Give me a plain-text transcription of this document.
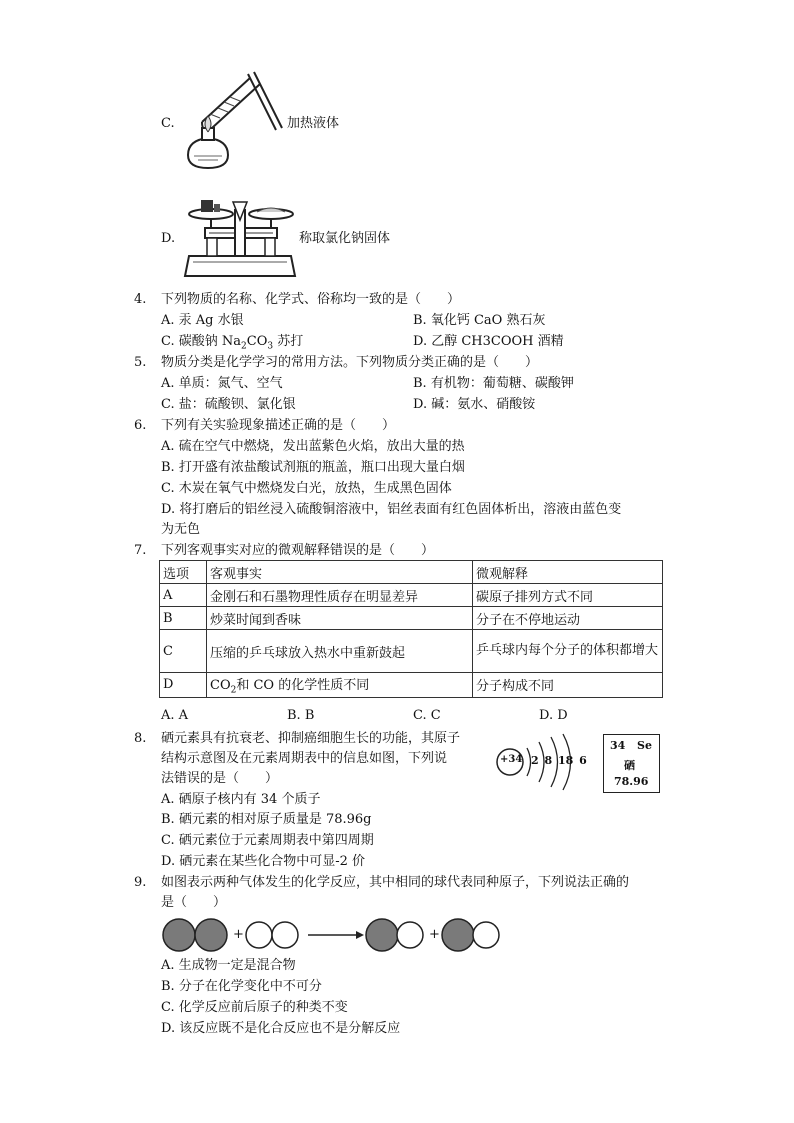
C.	加热液体
D.	称取氯化钠固体
4. 下列物质的名称、化学式、俗称均一致的是（　　）
A. 汞 Ag 水银	B. 氧化钙 CaO 熟石灰
C. 碳酸钠 $Na_2CO_3$ 苏打	D. 乙醇 CH3COOH 酒精
5. 物质分类是化学学习的常用方法。下列物质分类正确的是（　　）
A. 单质：氮气、空气	B. 有机物：葡萄糖、碳酸钾
C. 盐：硫酸钡、氯化银	D. 碱：氨水、硝酸铵
6. 下列有关实验现象描述正确的是（　　）
A. 硫在空气中燃烧，发出蓝紫色火焰，放出大量的热
B. 打开盛有浓盐酸试剂瓶的瓶盖，瓶口出现大量白烟
C. 木炭在氧气中燃烧发白光，放热，生成黑色固体
D. 将打磨后的铝丝浸入硫酸铜溶液中，铝丝表面有红色固体析出，溶液由蓝色变
为无色
7. 下列客观事实对应的微观解释错误的是（　　）
选项	客观事实	微观解释
A	金刚石和石墨物理性质存在明显差异	碳原子排列方式不同
B	炒菜时闻到香味	分子在不停地运动
C	压缩的乒乓球放入热水中重新鼓起	乒乓球内每个分子的体积都增大
D	$CO_2$和 CO 的化学性质不同	分子构成不同
A. A	B. B	C. C	D. D
8. 硒元素具有抗衰老、抑制癌细胞生长的功能，其原子
结构示意图及在元素周期表中的信息如图，下列说
法错误的是（　　）
+34 2 8 18 6
34 Se
硒
78.96
A. 硒原子核内有 34 个质子
B. 硒元素的相对原子质量是 78.96g
C. 硒元素位于元素周期表中第四周期
D. 硒元素在某些化合物中可显-2 价
9. 如图表示两种气体发生的化学反应，其中相同的球代表同种原子，下列说法正确的
是（　　）
+	+
A. 生成物一定是混合物
B. 分子在化学变化中不可分
C. 化学反应前后原子的种类不变
D. 该反应既不是化合反应也不是分解反应
